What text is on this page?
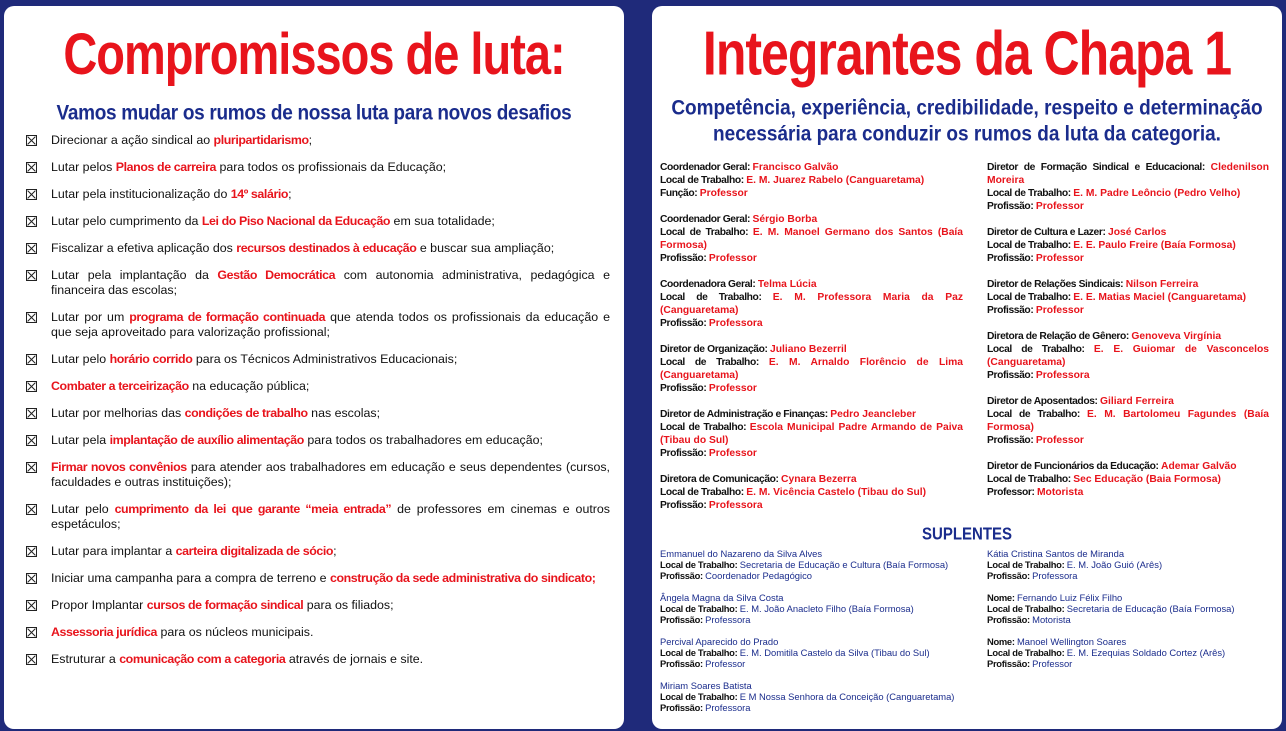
Compromissos de luta:
Vamos mudar os rumos de nossa luta para novos desafios
Direcionar a ação sindical ao pluripartidarismo;
Lutar pelos Planos de carreira para todos os profissionais da Educação;
Lutar pela institucionalização do 14º salário;
Lutar pelo cumprimento da Lei do Piso Nacional da Educação em sua totalidade;
Fiscalizar a efetiva aplicação dos recursos destinados à educação e buscar sua ampliação;
Lutar pela implantação da Gestão Democrática com autonomia administrativa, pedagógica e financeira das escolas;
Lutar por um programa de formação continuada que atenda todos os profissionais da educação e que seja aproveitado para valorização profissional;
Lutar pelo horário corrido para os Técnicos Administrativos Educacionais;
Combater a terceirização na educação pública;
Lutar por melhorias das condições de trabalho nas escolas;
Lutar pela implantação de auxílio alimentação para todos os trabalhadores em educação;
Firmar novos convênios para atender aos trabalhadores em educação e seus dependentes (cursos, faculdades e outras instituições);
Lutar pelo cumprimento da lei que garante “meia entrada” de professores em cinemas e outros espetáculos;
Lutar para implantar a carteira digitalizada de sócio;
Iniciar uma campanha para a compra de terreno e construção da sede administrativa do sindicato;
Propor Implantar cursos de formação sindical para os filiados;
Assessoria jurídica para os núcleos municipais.
Estruturar a comunicação com a categoria através de jornais e site.
Integrantes da Chapa 1
Competência, experiência, credibilidade, respeito e determinação
necessária para conduzir os rumos da luta da categoria.
Coordenador Geral: Francisco Galvão
Local de Trabalho: E. M. Juarez Rabelo (Canguaretama)
Função: Professor
Coordenador Geral: Sérgio Borba
Local de Trabalho: E. M. Manoel Germano dos Santos (Baía Formosa)
Profissão: Professor
Coordenadora Geral: Telma Lúcia
Local de Trabalho: E. M. Professora Maria da Paz (Canguaretama)
Profissão: Professora
Diretor de Organização: Juliano Bezerril
Local de Trabalho: E. M. Arnaldo Florêncio de Lima (Canguaretama)
Profissão: Professor
Diretor de Administração e Finanças: Pedro Jeancleber
Local de Trabalho: Escola Municipal Padre Armando de Paiva (Tibau do Sul)
Profissão: Professor
Diretora de Comunicação: Cynara Bezerra
Local de Trabalho: E. M. Vicência Castelo (Tibau do Sul)
Profissão: Professora
Diretor de Formação Sindical e Educacional: Cledenilson Moreira
Local de Trabalho: E. M. Padre Leôncio (Pedro Velho)
Profissão: Professor
Diretor de Cultura e Lazer: José Carlos
Local de Trabalho: E. E. Paulo Freire (Baía Formosa)
Profissão: Professor
Diretor de Relações Sindicais: Nilson Ferreira
Local de Trabalho: E. E. Matias Maciel (Canguaretama)
Profissão: Professor
Diretora de Relação de Gênero: Genoveva Virgínia
Local de Trabalho: E. E. Guiomar de Vasconcelos (Canguaretama)
Profissão: Professora
Diretor de Aposentados: Giliard Ferreira
Local de Trabalho: E. M. Bartolomeu Fagundes (Baía Formosa)
Profissão: Professor
Diretor de Funcionários da Educação: Ademar Galvão
Local de Trabalho: Sec Educação (Baia Formosa)
Professor: Motorista
SUPLENTES
Emmanuel do Nazareno da Silva Alves
Local de Trabalho: Secretaria de Educação e Cultura (Baía Formosa)
Profissão: Coordenador Pedagógico
Ângela Magna da Silva Costa
Local de Trabalho: E. M. João Anacleto Filho (Baía Formosa)
Profissão: Professora
Percival Aparecido do Prado
Local de Trabalho: E. M. Domitila Castelo da Silva (Tibau do Sul)
Profissão: Professor
Miriam Soares Batista
Local de Trabalho: E M Nossa Senhora da Conceição (Canguaretama)
Profissão: Professora
Kátia Cristina Santos de Miranda
Local de Trabalho: E. M. João Guió (Arês)
Profissão: Professora
Nome: Fernando Luiz Félix Filho
Local de Trabalho: Secretaria de Educação (Baía Formosa)
Profissão: Motorista
Nome: Manoel Wellington Soares
Local de Trabalho: E. M. Ezequias Soldado Cortez (Arês)
Profissão: Professor
